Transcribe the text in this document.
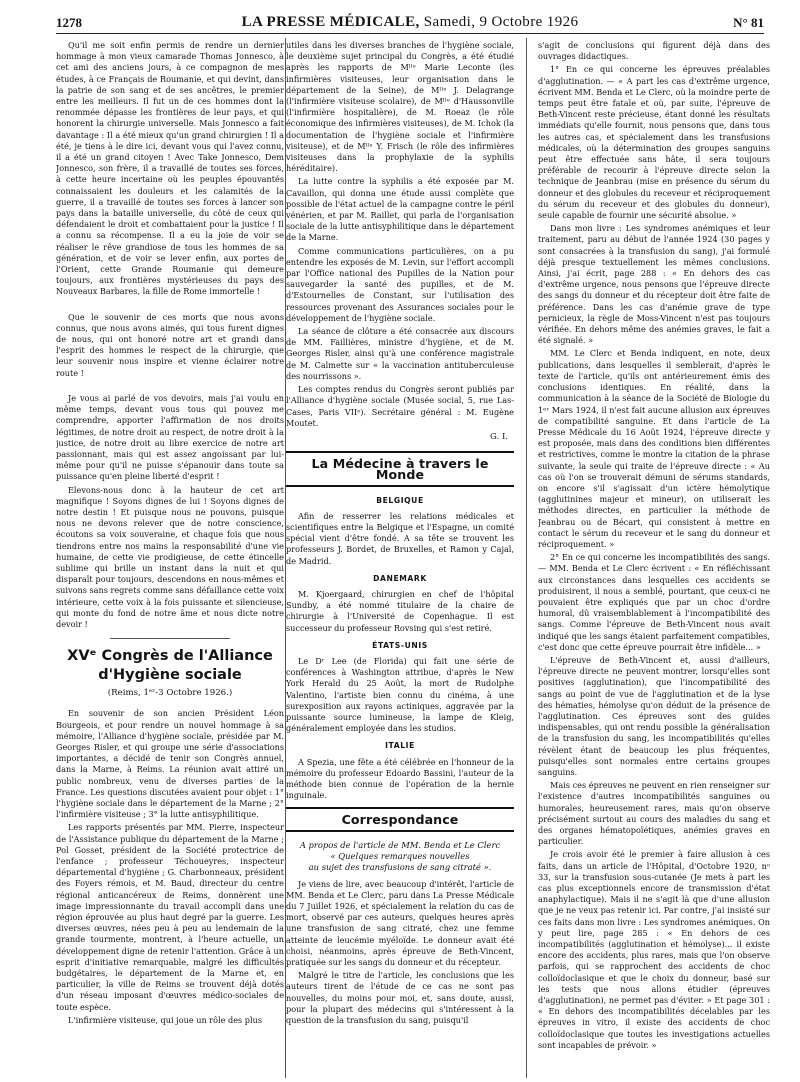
1278	LA PRESSE MÉDICALE, Samedi, 9 Octobre 1926	N° 81

Qu'il me soit enfin permis de rendre un dernier hommage à mon vieux camarade Thomas Jonnesco, à cet ami des anciens jours, à ce compagnon de mes études, à ce Français de Roumanie, et qui devint, dans la patrie de son sang et de ses ancêtres, le premier entre les meilleurs. Il fut un de ces hommes dont la renommée dépasse les frontières de leur pays, et qui honorent la chirurgie universelle. Mais Jonnesco a fait davantage : Il a été mieux qu'un grand chirurgien ! Il a été, je tiens à le dire ici, devant vous qui l'avez connu, il a été un grand citoyen ! Avec Take Jonnesco, Dem Jonnesco, son frère, il a travaillé de toutes ses forces, à cette heure incertaine où les peuples épouvantés connaissaient les douleurs et les calamités de la guerre, il a travaillé de toutes ses forces à lancer son pays dans la bataille universelle, du côté de ceux qui défendaient le droit et combattaient pour la justice ! Il a connu sa récompense. Il a eu la joie de voir se réaliser le rêve grandiose de tous les hommes de sa génération, et de voir se lever enfin, aux portes de l'Orient, cette Grande Roumanie qui demeure toujours, aux frontières mystérieuses du pays des Nouveaux Barbares, la fille de Rome immortelle !

Que le souvenir de ces morts que nous avons connus, que nous avons aimés, qui tous furent dignes de nous, qui ont honoré notre art et grandi dans l'esprit des hommes le respect de la chirurgie, que leur souvenir nous inspire et vienne éclairer notre route !

Je vous ai parlé de vos devoirs, mais j'ai voulu en même temps, devant vous tous qui pouvez me comprendre, apporter l'affirmation de nos droits légitimes, de notre droit au respect, de notre droit à la justice, de notre droit au libre exercice de notre art passionnant, mais qui est assez angoissant par lui-même pour qu'il ne puisse s'épanouir dans toute sa puissance qu'en pleine liberté d'esprit !

Elevons-nous donc à la hauteur de cet art magnifique ! Soyons dignes de lui ! Soyons dignes de notre destin ! Et puisque nous ne pouvons, puisque nous ne devons relever que de notre conscience, écoutons sa voix souveraine, et chaque fois que nous tiendrons entre nos mains la responsabilité d'une vie humaine, de cette vie prodigieuse, de cette étincelle sublime qui brille un instant dans la nuit et qui disparaît pour toujours, descendons en nous-mêmes et suivons sans regrets comme sans défaillance cette voix intérieure, cette voix à la fois puissante et silencieuse, qui monte du fond de notre âme et nous dicte notre devoir !

XVᵉ Congrès de l'Alliance d'Hygiène sociale
(Reims, 1ᵉʳ-3 Octobre 1926.)

En souvenir de son ancien Président Léon Bourgeois, et pour rendre un nouvel hommage à sa mémoire, l'Alliance d'hygiène sociale, présidée par M. Georges Risler, et qui groupe une série d'associations importantes, a décidé de tenir son Congrès annuel, dans la Marne, à Reims. La réunion avait attiré un public nombreux, venu de diverses parties de la France. Les questions discutées avaient pour objet : 1° l'hygiène sociale dans le département de la Marne ; 2° l'infirmière visiteuse ; 3° la lutte antisyphilitique.

Les rapports présentés par MM. Pierre, inspecteur de l'Assistance publique du département de la Marne ; Pol Gosset, président de la Société protectrice de l'enfance ; professeur Téchoueyres, inspecteur départemental d'hygiène ; G. Charbonneaux, président des Foyers rémois, et M. Baud, directeur du centre régional anticancéreux de Reims, donnèrent une image impressionnante du travail accompli dans une région éprouvée au plus haut degré par la guerre. Les diverses œuvres, nées peu à peu au lendemain de la grande tourmente, montrent, à l'heure actuelle, un développement digne de retenir l'attention. Grâce à un esprit d'initiative remarquable, malgré les difficultés budgétaires, le département de la Marne et, en particulier, la ville de Reims se trouvent déjà dotés d'un réseau imposant d'œuvres médico-sociales de toute espèce.

L'infirmière visiteuse, qui joue un rôle des plus

utiles dans les diverses branches de l'hygiène sociale, le deuxième sujet principal du Congrès, a été étudié après les rapports de Mˡˡᵉ Marie Leconte (les infirmières visiteuses, leur organisation dans le département de la Seine), de Mˡˡᵉ J. Delagrange (l'infirmière visiteuse scolaire), de Mˡˡᵉ d'Haussonville (l'infirmière hospitalière), de M. Roeaz (le rôle économique des infirmières visiteuses), de M. Ichok (la documentation de l'hygiène sociale et l'infirmière visiteuse), et de Mˡˡᵉ Y. Frisch (le rôle des infirmières visiteuses dans la prophylaxie de la syphilis héréditaire).

La lutte contre la syphilis a été exposée par M. Cavaillon, qui donna une étude aussi complète que possible de l'état actuel de la campagne contre le péril vénérien, et par M. Raillet, qui parla de l'organisation sociale de la lutte antisyphilitique dans le département de la Marne.

Comme communications particulières, on a pu entendre les exposés de M. Levin, sur l'effort accompli par l'Office national des Pupilles de la Nation pour sauvegarder la santé des pupilles, et de M. d'Estournelles de Constant, sur l'utilisation des ressources provenant des Assurances sociales pour le développement de l'hygiène sociale.

La séance de clôture a été consacrée aux discours de MM. Faillières, ministre d'hygiène, et de M. Georges Risler, ainsi qu'à une conférence magistrale de M. Calmette sur « la vaccination antituberculeuse des nourrissons ».

Les comptes rendus du Congrès seront publiés par l'Alliance d'hygiène sociale (Musée social, 5, rue Las-Cases, Paris VIIᵉ). Secrétaire général : M. Eugène Moutet.

G. I.
La Médecine à travers le Monde
BELGIQUE

Afin de resserrer les relations médicales et scientifiques entre la Belgique et l'Espagne, un comité spécial vient d'être fondé. A sa tête se trouvent les professeurs J. Bordet, de Bruxelles, et Ramon y Cajal, de Madrid.

DANEMARK

M. Kjoergaard, chirurgien en chef de l'hôpital Sundby, a été nommé titulaire de la chaire de chirurgie à l'Université de Copenhague. Il est successeur du professeur Rovsing qui s'est retiré.

ÉTATS-UNIS

Le Dʳ Lee (de Florida) qui fait une série de conférences à Washington attribue, d'après le New York Herald du 25 Août, la mort de Rudolphe Valentino, l'artiste bien connu du cinéma, à une surexposition aux rayons actiniques, aggravée par la puissante source lumineuse, la lampe de Kleig, généralement employée dans les studios.

ITALIE

A Spezia, une fête a été célébrée en l'honneur de la mémoire du professeur Edoardo Bassini, l'auteur de la méthode bien connue de l'opération de la hernie inguinale.

Correspondance
A propos de l'article de MM. Benda et Le Clerc
« Quelques remarques nouvelles
au sujet des transfusions de sang citraté ».

Je viens de lire, avec beaucoup d'intérêt, l'article de MM. Benda et Le Clerc, paru dans La Presse Médicale du 7 Juillet 1926, et spécialement la relation du cas de mort, observé par ces auteurs, quelques heures après une transfusion de sang citraté, chez une femme atteinte de leucémie myéloïde. Le donneur avait été choisi, néanmoins, après épreuve de Beth-Vincent, pratiquée sur les sangs du donneur et du récepteur.

Malgré le titre de l'article, les conclusions que les auteurs tirent de l'étude de ce cas ne sont pas nouvelles, du moins pour moi, et, sans doute, aussi, pour la plupart des médecins qui s'intéressent à la question de la transfusion du sang, puisqu'il

s'agit de conclusions qui figurent déjà dans des ouvrages didactiques.

1° En ce qui concerne les épreuves préalables d'agglutination. — « A part les cas d'extrême urgence, écrivent MM. Benda et Le Clerc, où la moindre perte de temps peut être fatale et où, par suite, l'épreuve de Beth-Vincent reste précieuse, étant donné les résultats immédiats qu'elle fournit, nous pensons que, dans tous les autres cas, et spécialement dans les transfusions médicales, où la détermination des groupes sanguins peut être effectuée sans hâte, il sera toujours préférable de recourir à l'épreuve directe selon la technique de Jeanbrau (mise en présence du sérum du donneur et des globules du receveur et réciproquement du sérum du receveur et des globules du donneur), seule capable de fournir une sécurité absolue. »

Dans mon livre : Les syndromes anémiques et leur traitement, paru au début de l'année 1924 (30 pages y sont consacrées à la transfusion du sang), j'ai formulé déjà presque textuellement les mêmes conclusions. Ainsi, j'ai écrit, page 288 : « En dehors des cas d'extrême urgence, nous pensons que l'épreuve directe des sangs du donneur et du récepteur doit être faite de préférence. Dans les cas d'anémie grave de type pernicieux, la règle de Moss-Vincent n'est pas toujours vérifiée. En dehors même des anémies graves, le fait a été signalé. »

MM. Le Clerc et Benda indiquent, en note, deux publications, dans lesquelles il semblerait, d'après le texte de l'article, qu'ils ont antérieurement émis des conclusions identiques. En réalité, dans la communication à la séance de la Société de Biologie du 1ᵉʳ Mars 1924, il n'est fait aucune allusion aux épreuves de compatibilité sanguine. Et dans l'article de La Presse Médicale du 16 Août 1924, l'épreuve directe y est proposée, mais dans des conditions bien différentes et restrictives, comme le montre la citation de la phrase suivante, la seule qui traite de l'épreuve directe : « Au cas où l'on se trouverait démuni de sérums standards, on encore s'il s'agissait d'un ictère hémolytique (agglutinines majeur et mineur), on utiliserait les méthodes directes, en particulier la méthode de Jeanbrau ou de Bécart, qui consistent à mettre en contact le sérum du receveur et le sang du donneur et réciproquement. »

2° En ce qui concerne les incompatibilités des sangs. — MM. Benda et Le Clerc écrivent : « En réfléchissant aux circonstances dans lesquelles ces accidents se produisirent, il nous a semblé, pourtant, que ceux-ci ne pouvaient être expliqués que par un choc d'ordre humoral, dû vraisemblablement à l'incompatibilité des sangs. Comme l'épreuve de Beth-Vincent nous avait indiqué que les sangs étaient parfaitement compatibles, c'est donc que cette épreuve pourrait être infidèle... »

L'épreuve de Beth-Vincent et, aussi d'ailleurs, l'épreuve directe ne peuvent montrer, lorsqu'elles sont positives (agglutination), que l'incompatibilité des sangs au point de vue de l'agglutination et de la lyse des hématies, hémolyse qu'on déduit de la présence de l'agglutination. Ces épreuves sont des guides indispensables, qui ont rendu possible la généralisation de la transfusion du sang, les incompatibilités qu'elles révèlent étant de beaucoup les plus fréquentes, puisqu'elles sont normales entre certains groupes sanguins.

Mais ces épreuves ne peuvent en rien renseigner sur l'existence d'autres incompatibilités sanguines ou humorales, heureusement rares, mais qu'on observe précisément surtout au cours des maladies du sang et des organes hématopoïétiques, anémies graves en particulier.

Je crois avoir été le premier à faire allusion à ces faits, dans un article de l'Hôpital, d'Octobre 1920, nᵒ 33, sur la transfusion sous-cutanée (Je mets à part les cas plus exceptionnels encore de transmission d'état anaphylactique). Mais il ne s'agit là que d'une allusion que je ne veux pas retenir ici. Par contre, j'ai insisté sur ces faits dans mon livre : Les syndromes anémiques. On y peut lire, page 285 : « En dehors de ces incompatibilités (agglutination et hémolyse)... il existe encore des accidents, plus rares, mais que l'on observe parfois, qui se rapprochent des accidents de choc colloïdoclasique et que le choix du donneur, basé sur les tests que nous allons étudier (épreuves d'agglutination), ne permet pas d'éviter. » Et page 301 : « En dehors des incompatibilités décelables par les épreuves in vitro, il existe des accidents de choc colloïdoclasique que toutes les investigations actuelles sont incapables de prévoir. »
